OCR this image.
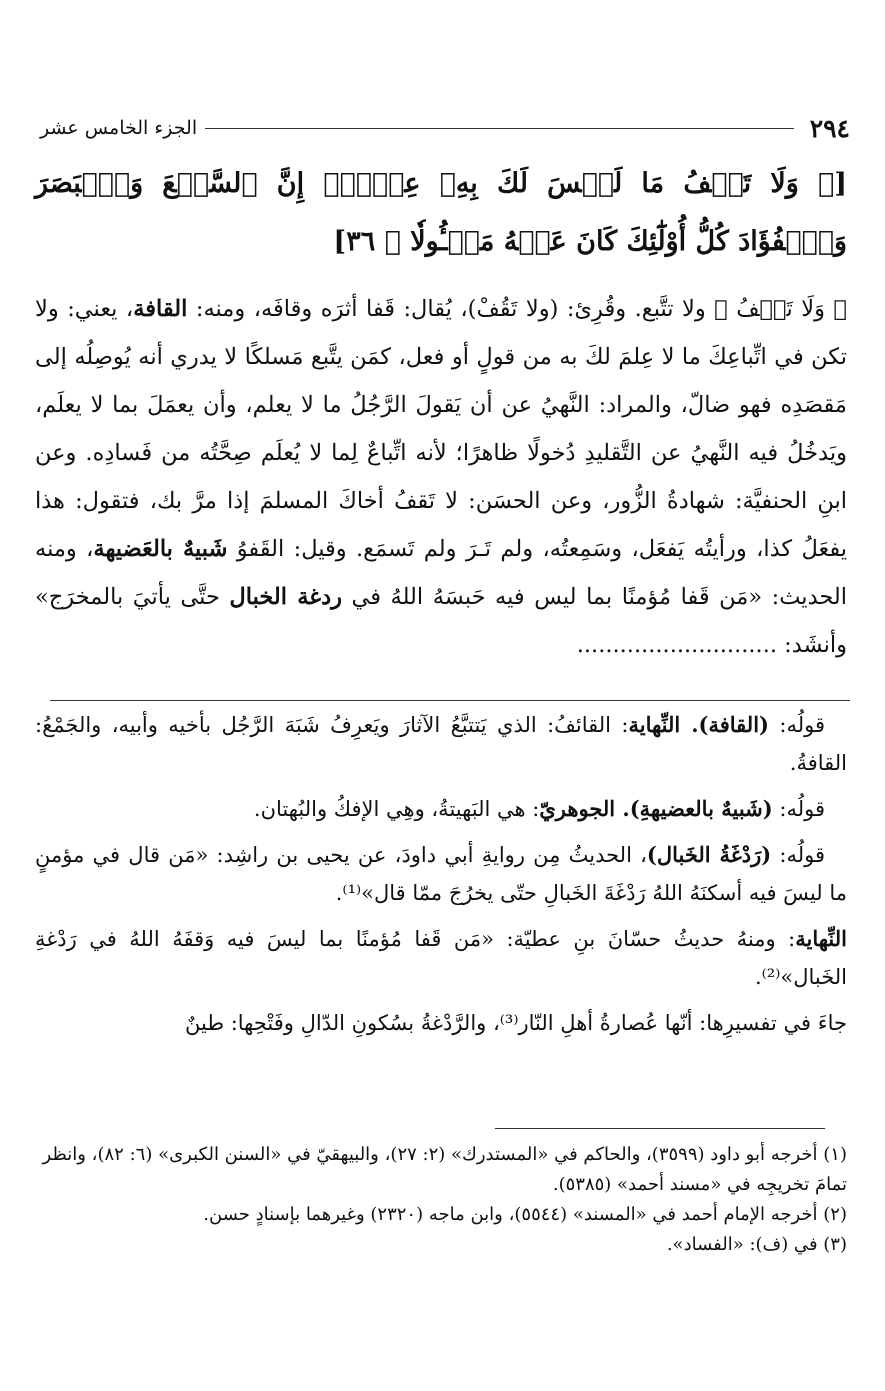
٢٩٤
الجزء الخامس عشر
[﴿ وَلَا تَقۡفُ مَا لَيۡسَ لَكَ بِهِۦ عِلۡمٌۚ إِنَّ ٱلسَّمۡعَ وَٱلۡبَصَرَ وَٱلۡفُؤَادَ كُلُّ أُوْلَٰٓئِكَ كَانَ عَنۡهُ مَسۡـُٔولٗا ﴾ ٣٦]
﴿ وَلَا تَقۡفُ ﴾ ولا تتَّبع. وقُرِئ: (ولا تَقُفْ)، يُقال: قَفا أثرَه وقافَه، ومنه: القافة، يعني: ولا تكن في اتِّباعِكَ ما لا عِلمَ لكَ به من قولٍ أو فعل، كمَن يتَّبع مَسلكًا لا يدري أنه يُوصِلُه إلى مَقصَدِه فهو ضالّ، والمراد: النَّهيُ عن أن يَقولَ الرَّجُلُ ما لا يعلم، وأن يعمَلَ بما لا يعلَم، ويَدخُلُ فيه النَّهيُ عن التَّقليدِ دُخولًا ظاهرًا؛ لأنه اتِّباعٌ لِما لا يُعلَم صِحَّتُه من فَسادِه. وعن ابنِ الحنفيَّة: شهادةُ الزُّور، وعن الحسَن: لا تَقفُ أخاكَ المسلمَ إذا مرَّ بك، فتقول: هذا يفعَلُ كذا، ورأيتُه يَفعَل، وسَمِعتُه، ولم تَـرَ ولم تَسمَع. وقيل: القَفوُ شَبيهٌ بالعَضيهة، ومنه الحديث: «مَن قَفا مُؤمنًا بما ليس فيه حَبسَهُ اللهُ في ردغة الخبال حتَّى يأتيَ بالمخرَج» وأنشَد: ............................

قولُه: (القافة). النِّهاية: القائفُ: الذي يَتتبَّعُ الآثارَ ويَعرِفُ شَبَهَ الرَّجُل بأخيه وأبيه، والجَمْعُ: القافةُ.

قولُه: (شَبيهٌ بالعضيهةِ). الجوهريّ: هي البَهيتةُ، وهِي الإفكُ والبُهتان.

قولُه: (رَدْغَةُ الخَبال)، الحديثُ مِن روايةِ أبي داودَ، عن يحيى بن راشِد: «مَن قال في مؤمنٍ ما ليسَ فيه أسكنَهُ اللهُ رَدْغَةَ الخَبالِ حتّى يخرُجَ ممّا قال»⁽¹⁾.

النِّهاية: ومنهُ حديثُ حسّانَ بنِ عطيّة: «مَن قَفا مُؤمنًا بما ليسَ فيه وَقفَهُ اللهُ في رَدْغةِ الخَبال»⁽²⁾.

جاءَ في تفسيرِها: أنّها عُصارةُ أهلِ النّار⁽³⁾، والرَّدْغةُ بسُكونِ الدّالِ وفَتْحِها: طينٌ

(١) أخرجه أبو داود (٣٥٩٩)، والحاكم في «المستدرك» (٢: ٢٧)، والبيهقيّ في «السنن الكبرى» (٦: ٨٢)، وانظر تمامَ تخريجِه في «مسند أحمد» (٥٣٨٥).

(٢) أخرجه الإمام أحمد في «المسند» (٥٥٤٤)، وابن ماجه (٢٣٢٠) وغيرهما بإسنادٍ حسن.

(٣) في (ف): «الفساد».
